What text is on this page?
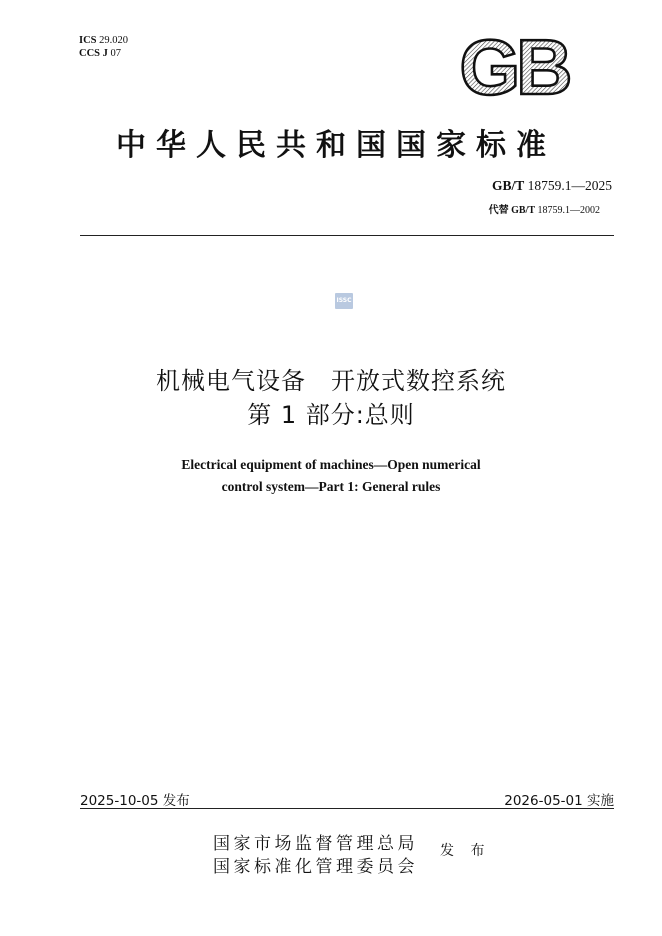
ICS 29.020
CCS J 07	GB
中华人民共和国国家标准
GB/T 18759.1—2025
代替 GB/T 18759.1—2002
ISSC
机械电气设备　开放式数控系统
第 1 部分:总则
Electrical equipment of machines—Open numerical
control system—Part 1: General rules
2025-10-05 发布	2026-05-01 实施
国家市场监督管理总局
国家标准化管理委员会
发 布
